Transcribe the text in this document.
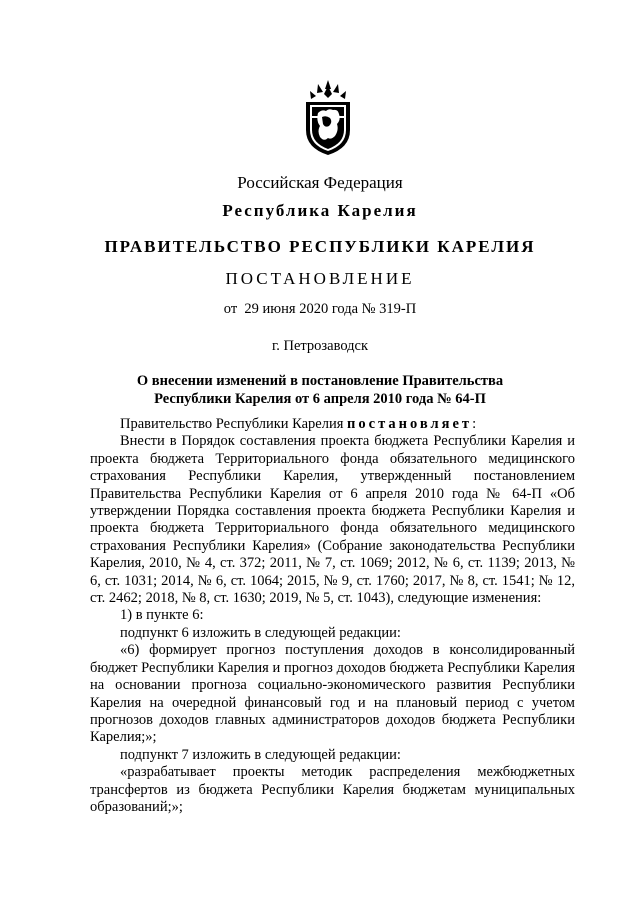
Российская Федерация
Республика Карелия
ПРАВИТЕЛЬСТВО РЕСПУБЛИКИ КАРЕЛИЯ
ПОСТАНОВЛЕНИЕ
от  29 июня 2020 года № 319-П
г. Петрозаводск
О внесении изменений в постановление Правительства
Республики Карелия от 6 апреля 2010 года № 64-П

Правительство Республики Карелия постановляет:

Внести в Порядок составления проекта бюджета Республики Карелия и проекта бюджета Территориального фонда обязательного медицинского страхования Республики Карелия, утвержденный постановлением Правительства Республики Карелия от 6 апреля 2010 года № 64-П «Об утверждении Порядка составления проекта бюджета Республики Карелия и проекта бюджета Территориального фонда обязательного медицинского страхования Республики Карелия» (Собрание законодательства Республики Карелия, 2010, № 4, ст. 372; 2011, № 7, ст. 1069; 2012, № 6, ст. 1139; 2013, № 6, ст. 1031; 2014, № 6, ст. 1064; 2015, № 9, ст. 1760; 2017, № 8, ст. 1541; № 12, ст. 2462; 2018, № 8, ст. 1630; 2019, № 5, ст. 1043), следующие изменения:

1) в пункте 6:

подпункт 6 изложить в следующей редакции:

«6) формирует прогноз поступления доходов в консолидированный бюджет Республики Карелия и прогноз доходов бюджета Республики Карелия на основании прогноза социально-экономического развития Республики Карелия на очередной финансовый год и на плановый период с учетом прогнозов доходов главных администраторов доходов бюджета Республики Карелия;»;

подпункт 7 изложить в следующей редакции:

«разрабатывает проекты методик распределения межбюджетных трансфертов из бюджета Республики Карелия бюджетам муниципальных образований;»;
